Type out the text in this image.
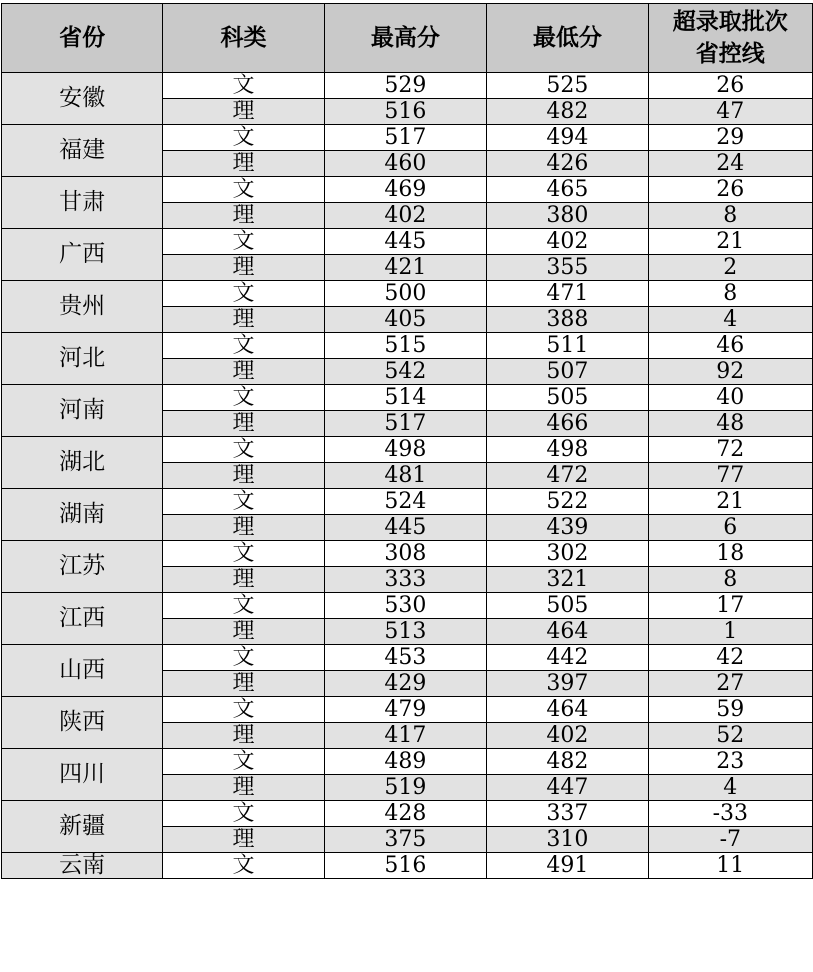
省份	科类	最高分	最低分	超录取批次
省控线

安徽	文	529	525	26
	理	516	482	47
福建	文	517	494	29
	理	460	426	24
甘肃	文	469	465	26
	理	402	380	8
广西	文	445	402	21
	理	421	355	2
贵州	文	500	471	8
	理	405	388	4
河北	文	515	511	46
	理	542	507	92
河南	文	514	505	40
	理	517	466	48
湖北	文	498	498	72
	理	481	472	77
湖南	文	524	522	21
	理	445	439	6
江苏	文	308	302	18
	理	333	321	8
江西	文	530	505	17
	理	513	464	1
山西	文	453	442	42
	理	429	397	27
陕西	文	479	464	59
	理	417	402	52
四川	文	489	482	23
	理	519	447	4
新疆	文	428	337	-33
	理	375	310	-7
云南	文	516	491	11
